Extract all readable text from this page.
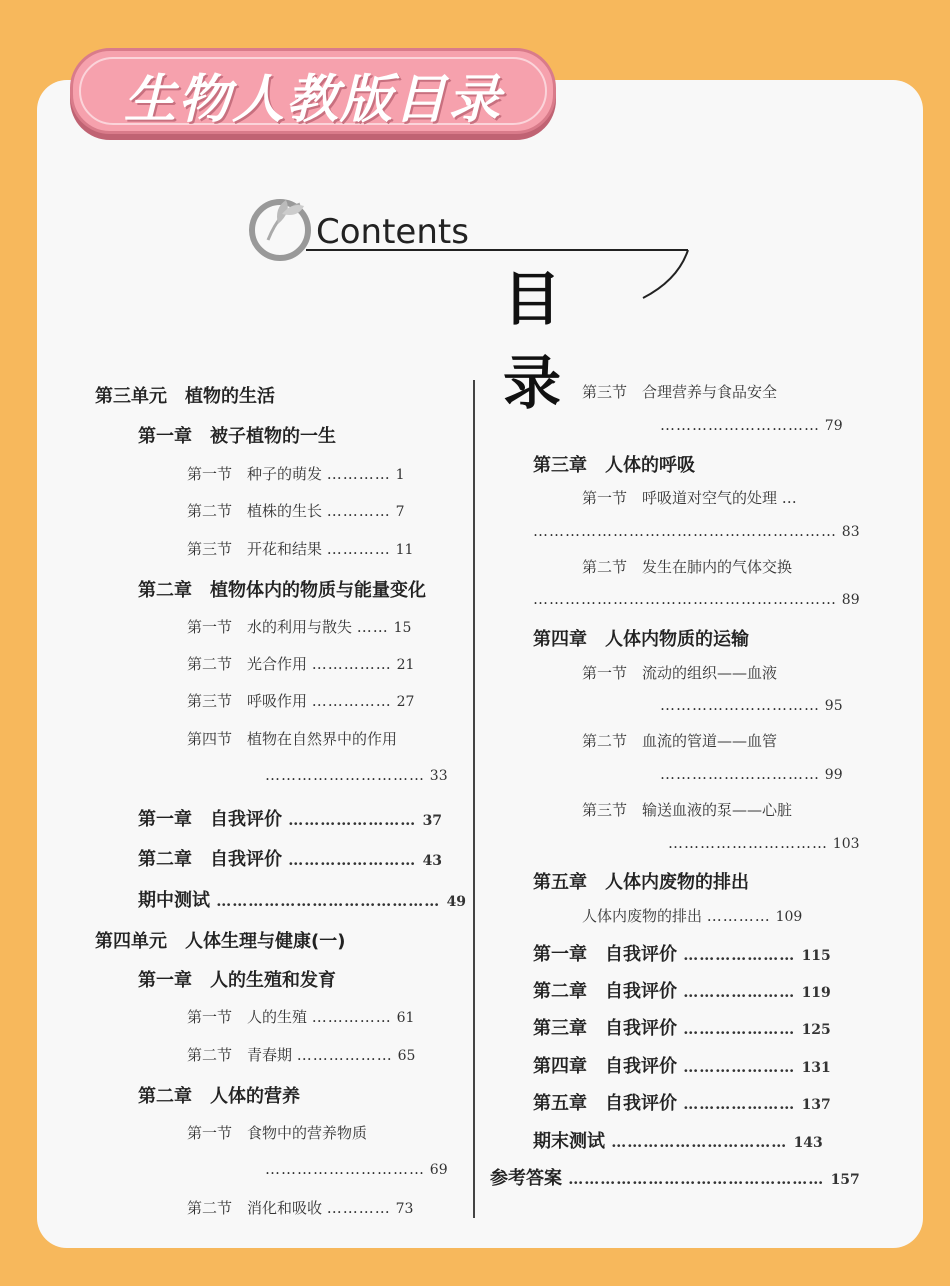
生物人教版目录
Contents
目 录
第三单元　植物的生活
第一章　被子植物的一生
第一节　种子的萌发 ………… 1
第二节　植株的生长 ………… 7
第三节　开花和结果 ………… 11
第二章　植物体内的物质与能量变化
第一节　水的利用与散失 …… 15
第二节　光合作用 …………… 21
第三节　呼吸作用 …………… 27
第四节　植物在自然界中的作用
………………………… 33
第一章　自我评价 …………………… 37
第二章　自我评价 …………………… 43
期中测试 …………………………………… 49
第四单元　人体生理与健康(一)
第一章　人的生殖和发育
第一节　人的生殖 …………… 61
第二节　青春期 ……………… 65
第二章　人体的营养
第一节　食物中的营养物质
………………………… 69
第二节　消化和吸收 ………… 73
第三节　合理营养与食品安全
………………………… 79
第三章　人体的呼吸
第一节　呼吸道对空气的处理 …
………………………………………………… 83
第二节　发生在肺内的气体交换
………………………………………………… 89
第四章　人体内物质的运输
第一节　流动的组织——血液
………………………… 95
第二节　血流的管道——血管
………………………… 99
第三节　输送血液的泵——心脏
………………………… 103
第五章　人体内废物的排出
人体内废物的排出 ………… 109
第一章　自我评价 ………………… 115
第二章　自我评价 ………………… 119
第三章　自我评价 ………………… 125
第四章　自我评价 ………………… 131
第五章　自我评价 ………………… 137
期末测试 …………………………… 143
参考答案 ………………………………………… 157
